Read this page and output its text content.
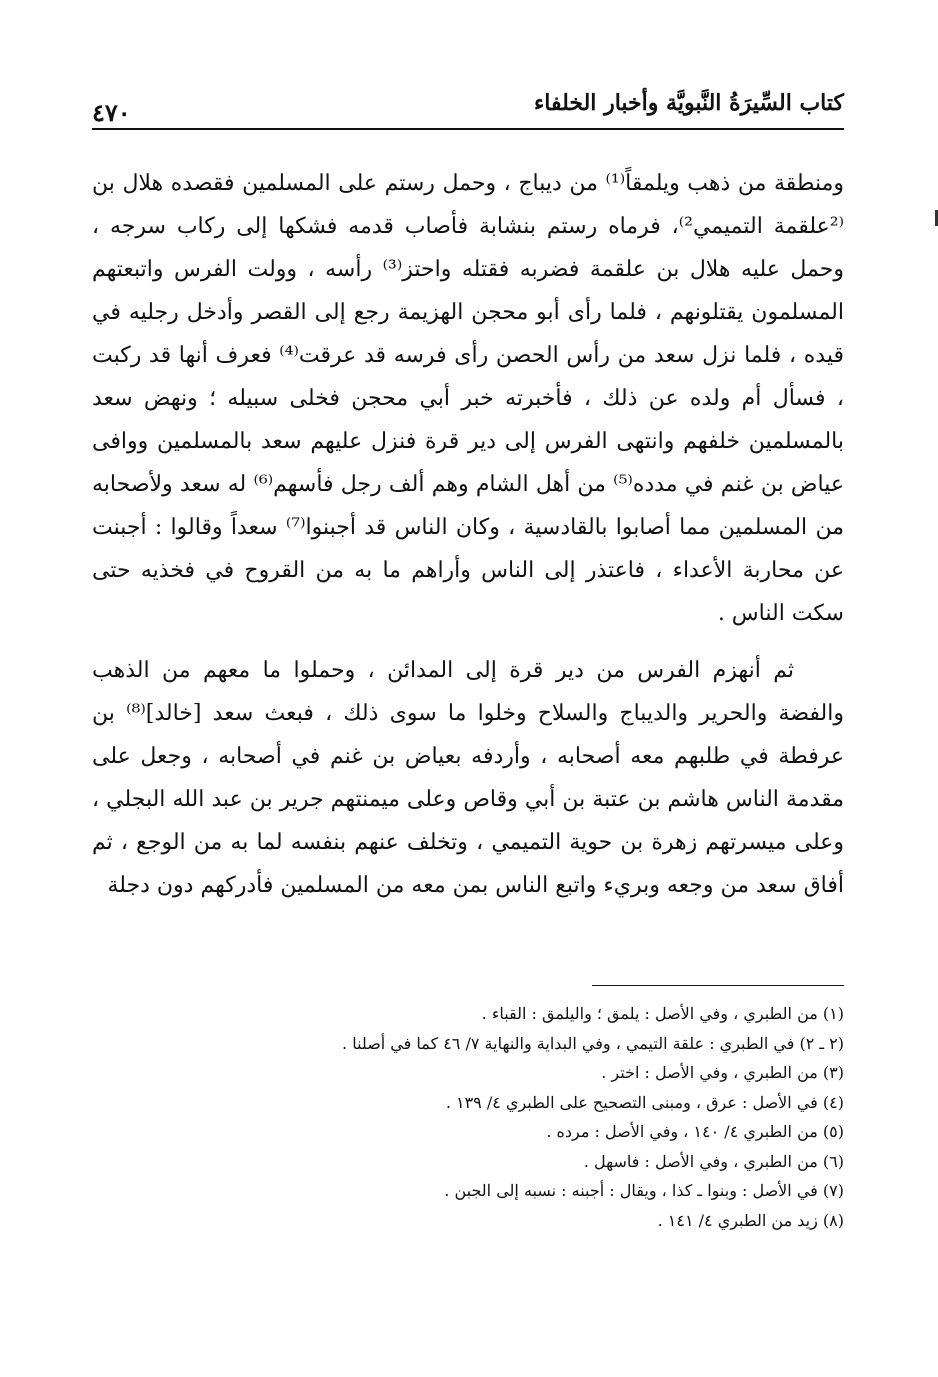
كتاب السِّيرَةُ النَّبويَّة وأخبار الخلفاء
٤٧٠

ومنطقة من ذهب ويلمقاً⁽¹⁾ من ديباج ، وحمل رستم على المسلمين فقصده هلال بن ⁽²علقمة التميمي²⁾، فرماه رستم بنشابة فأصاب قدمه فشكها إلى ركاب سرجه ، وحمل عليه هلال بن علقمة فضربه فقتله واحتز⁽³⁾ رأسه ، وولت الفرس واتبعتهم المسلمون يقتلونهم ، فلما رأى أبو محجن الهزيمة رجع إلى القصر وأدخل رجليه في قيده ، فلما نزل سعد من رأس الحصن رأى فرسه قد عرقت⁽⁴⁾ فعرف أنها قد ركبت ، فسأل أم ولده عن ذلك ، فأخبرته خبر أبي محجن فخلى سبيله ؛ ونهض سعد بالمسلمين خلفهم وانتهى الفرس إلى دير قرة فنزل عليهم سعد بالمسلمين ووافى عياض بن غنم في مدده⁽⁵⁾ من أهل الشام وهم ألف رجل فأسهم⁽⁶⁾ له سعد ولأصحابه من المسلمين مما أصابوا بالقادسية ، وكان الناس قد أجبنوا⁽⁷⁾ سعداً وقالوا : أجبنت عن محاربة الأعداء ، فاعتذر إلى الناس وأراهم ما به من القروح في فخذيه حتى سكت الناس .

ثم أنهزم الفرس من دير قرة إلى المدائن ، وحملوا ما معهم من الذهب والفضة والحرير والديباج والسلاح وخلوا ما سوى ذلك ، فبعث سعد [خالد]⁽⁸⁾ بن عرفطة في طلبهم معه أصحابه ، وأردفه بعياض بن غنم في أصحابه ، وجعل على مقدمة الناس هاشم بن عتبة بن أبي وقاص وعلى ميمنتهم جرير بن عبد الله البجلي ، وعلى ميسرتهم زهرة بن حوية التميمي ، وتخلف عنهم بنفسه لما به من الوجع ، ثم أفاق سعد من وجعه وبريء واتبع الناس بمن معه من المسلمين فأدركهم دون دجلة

(١) من الطبري ، وفي الأصل : يلمق ؛ واليلمق : القباء .
(٢ ـ ٢) في الطبري : علقة التيمي ، وفي البداية والنهاية ٧/ ٤٦ كما في أصلنا .
(٣) من الطبري ، وفي الأصل : اختر .
(٤) في الأصل : عرق ، ومبنى التصحيح على الطبري ٤/ ١٣٩ .
(٥) من الطبري ٤/ ١٤٠ ، وفي الأصل : مرده .
(٦) من الطبري ، وفي الأصل : فاسهل .
(٧) في الأصل : وبنوا ـ كذا ، ويقال : أجبنه : نسبه إلى الجبن .
(٨) زيد من الطبري ٤/ ١٤١ .
